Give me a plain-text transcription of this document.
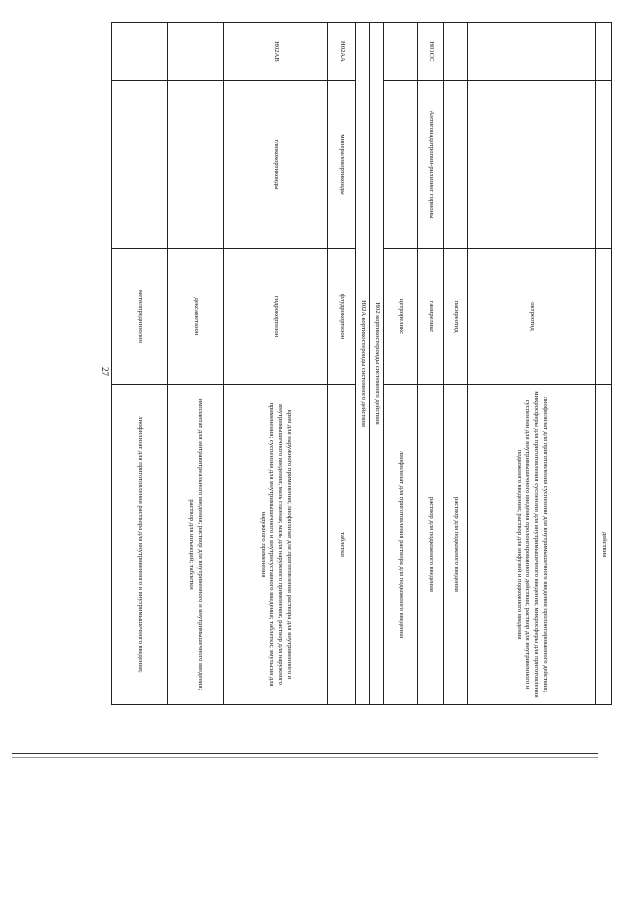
27
			действия
		октреотид	лиофилизат для приготовления суспензии для внутримышечного введения пролонгированного действия; микросферы для приготовления суспензии для внутримышечного введения; микросферы для приготовления суспензии для внутримышечного введения пролонгированного действия; раствор для внутривенного и подкожного введения; раствор для инфузий и подкожного введения
		пасиреотид	раствор для подкожного введения
H01CC	Антигонадотропин-рилизинг гормоны	ганиреликс	раствор для подкожного введения
		цетрореликс	лиофилизат для приготовления раствора для подкожного введения
H02 кортикостероиды системного действия			
H02A кортикостероиды системного действия			
H02AA	минералокортикоиды	флудрокортизон	таблетки
H02AB	глюкокортикоиды	гидрокортизон	крем для наружного применения; лиофилизат для приготовления раствора для внутривенного и внутримышечного введения; мазь глазная; мазь для наружного применения; раствор для наружного применения; суспензия для внутримышечного и внутрисуставного введения; таблетки; эмульсия для наружного применения
		дексаметазон	имплантат для интравитреального введения; раствор для внутривенного и внутримышечного введения; раствор для инъекций; таблетки
		метилпреднизолон	лиофилизат для приготовления раствора для внутривенного и внутримышечного введения;
